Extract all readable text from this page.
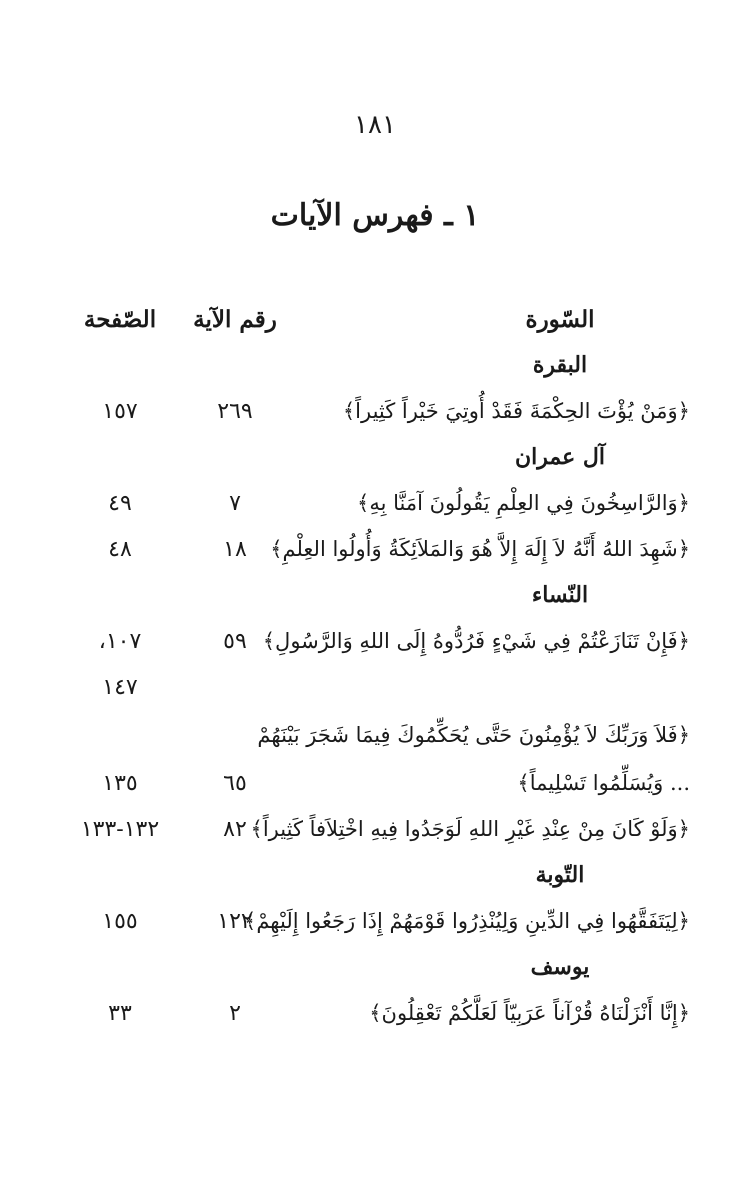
١٨١
١ ـ فهرس الآيات
السّورة
رقم الآية
الصّفحة
البقرة
﴿وَمَنْ يُؤْتَ الحِكْمَةَ فَقَدْ أُوتِيَ خَيْراً كَثِيراً﴾
٢٦٩
١٥٧
آل عمران
﴿وَالرَّاسِخُونَ فِي العِلْمِ يَقُولُونَ آمَنَّا بِهِ﴾
٧
٤٩
﴿شَهِدَ اللهُ أَنَّهُ لاَ إِلَهَ إِلاَّ هُوَ وَالمَلاَئِكَةُ وَأُولُوا العِلْمِ﴾
١٨
٤٨
النّساء
﴿فَإِنْ تَنَازَعْتُمْ فِي شَيْءٍ فَرُدُّوهُ إِلَى اللهِ وَالرَّسُولِ﴾
٥٩
١٠٧،
١٤٧
﴿فَلاَ وَرَبِّكَ لاَ يُؤْمِنُونَ حَتَّى يُحَكِّمُوكَ فِيمَا شَجَرَ بَيْنَهُمْ
... وَيُسَلِّمُوا تَسْلِيماً﴾
٦٥
١٣٥
﴿وَلَوْ كَانَ مِنْ عِنْدِ غَيْرِ اللهِ لَوَجَدُوا فِيهِ اخْتِلاَفاً كَثِيراً﴾
٨٢
١٣٢-١٣٣
التّوبة
﴿لِيَتَفَقَّهُوا فِي الدِّينِ وَلِيُنْذِرُوا قَوْمَهُمْ إِذَا رَجَعُوا إِلَيْهِمْ﴾
١٢٢
١٥٥
يوسف
﴿إِنَّا أَنْزَلْنَاهُ قُرْآناً عَرَبِيّاً لَعَلَّكُمْ تَعْقِلُونَ﴾
٢
٣٣
